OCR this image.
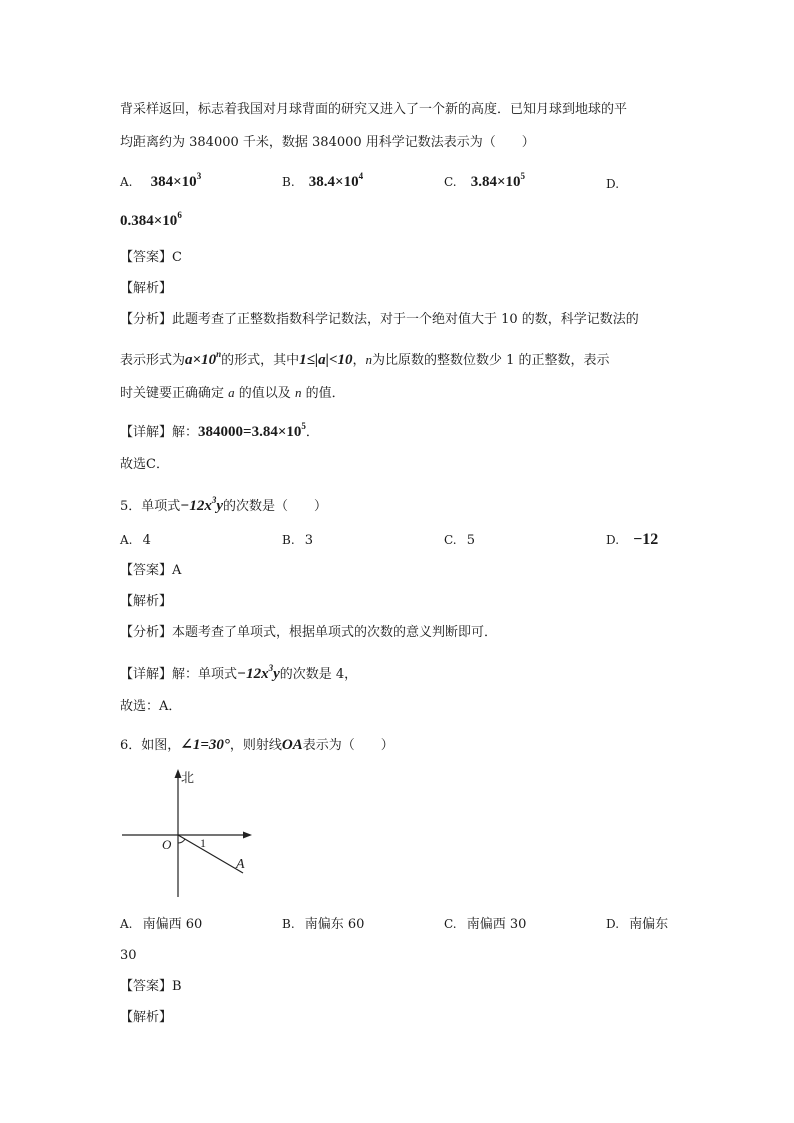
背采样返回，标志着我国对月球背面的研究又进入了一个新的高度．已知月球到地球的平
均距离约为 384000 千米，数据 384000 用科学记数法表示为（　　）
A. $384\times 10^3$	B. $38.4\times 10^4$	C. $3.84\times 10^5$
D.
$0.384\times 10^6$
【答案】C
【解析】
【分析】此题考查了正整数指数科学记数法，对于一个绝对值大于 10 的数，科学记数法的
表示形式为$a\times 10^n$的形式，其中1≤|a|<10，n为比原数的整数位数少 1 的正整数，表示
时关键要正确确定 a 的值以及 n 的值．
【详解】解：$384000=3.84\times 10^5$．
故选C．
5．单项式$-12x^3y$的次数是（　　）
A. 4	B. 3	C. 5	D. −12
【答案】A
【解析】
【分析】本题考查了单项式，根据单项式的次数的意义判断即可．
【详解】解：单项式$-12x^3y$的次数是 4，
故选：A．
6．如图，∠1=30°，则射线OA表示为（　　）
北
O 1
A
A. 南偏西 60	B. 南偏东 60	C. 南偏西 30	D. 南偏东
30
【答案】B
【解析】
